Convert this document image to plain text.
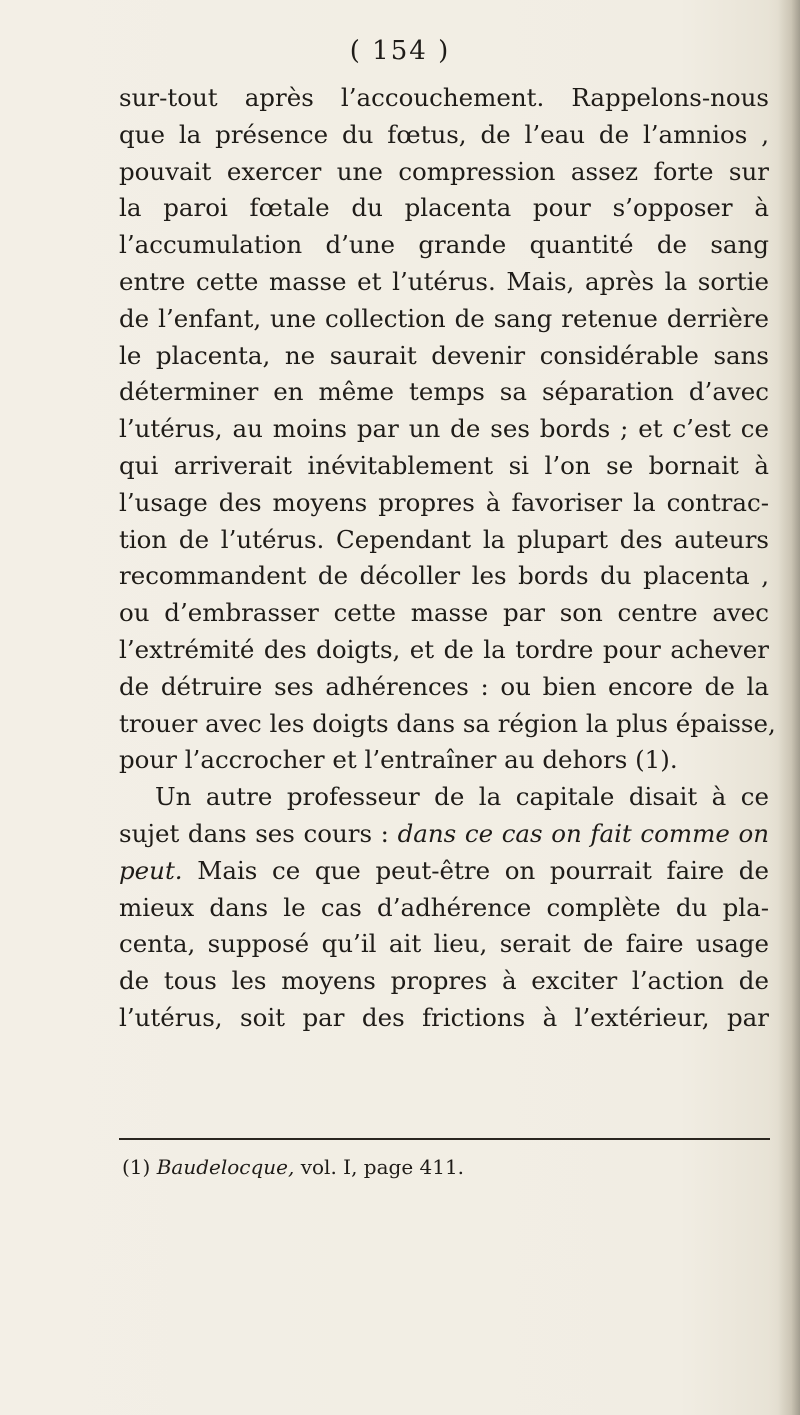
( 154 )
sur-tout après l’accouchement. Rappelons-nous
que la présence du fœtus, de l’eau de l’amnios ,
pouvait exercer une compression assez forte sur
la paroi fœtale du placenta pour s’opposer à
l’accumulation d’une grande quantité de sang
entre cette masse et l’utérus. Mais, après la sortie
de l’enfant, une collection de sang retenue derrière
le placenta, ne saurait devenir considérable sans
déterminer en même temps sa séparation d’avec
l’utérus, au moins par un de ses bords ; et c’est ce
qui arriverait inévitablement si l’on se bornait à
l’usage des moyens propres à favoriser la contrac-
tion de l’utérus. Cependant la plupart des auteurs
recommandent de décoller les bords du placenta ,
ou d’embrasser cette masse par son centre avec
l’extrémité des doigts, et de la tordre pour achever
de détruire ses adhérences : ou bien encore de la
trouer avec les doigts dans sa région la plus épaisse,
pour l’accrocher et l’entraîner au dehors (1).
Un autre professeur de la capitale disait à ce
sujet dans ses cours : dans ce cas on fait comme on
peut. Mais ce que peut-être on pourrait faire de
mieux dans le cas d’adhérence complète du pla-
centa, supposé qu’il ait lieu, serait de faire usage
de tous les moyens propres à exciter l’action de
l’utérus, soit par des frictions à l’extérieur, par
(1) Baudelocque, vol. I, page 411.
